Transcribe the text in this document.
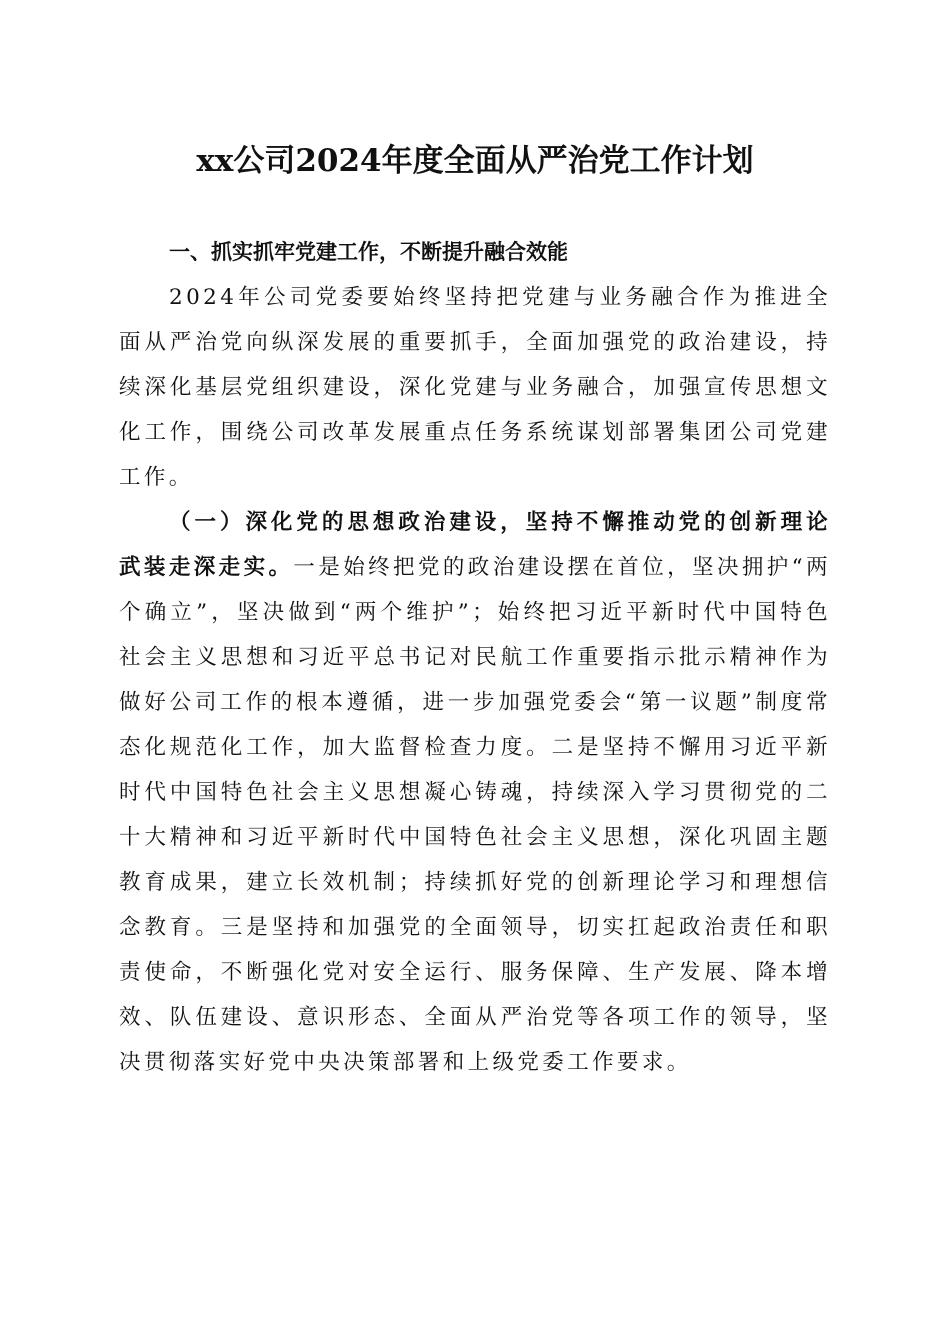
xx公司2024年度全面从严治党工作计划

一、抓实抓牢党建工作，不断提升融合效能

2024年公司党委要始终坚持把党建与业务融合作为推进全面从严治党向纵深发展的重要抓手，全面加强党的政治建设，持续深化基层党组织建设，深化党建与业务融合，加强宣传思想文化工作，围绕公司改革发展重点任务系统谋划部署集团公司党建工作。

（一）深化党的思想政治建设，坚持不懈推动党的创新理论武装走深走实。一是始终把党的政治建设摆在首位，坚决拥护“两个确立”，坚决做到“两个维护”；始终把习近平新时代中国特色社会主义思想和习近平总书记对民航工作重要指示批示精神作为做好公司工作的根本遵循，进一步加强党委会“第一议题”制度常态化规范化工作，加大监督检查力度。二是坚持不懈用习近平新时代中国特色社会主义思想凝心铸魂，持续深入学习贯彻党的二十大精神和习近平新时代中国特色社会主义思想，深化巩固主题教育成果，建立长效机制；持续抓好党的创新理论学习和理想信念教育。三是坚持和加强党的全面领导，切实扛起政治责任和职责使命，不断强化党对安全运行、服务保障、生产发展、降本增效、队伍建设、意识形态、全面从严治党等各项工作的领导，坚决贯彻落实好党中央决策部署和上级党委工作要求。
